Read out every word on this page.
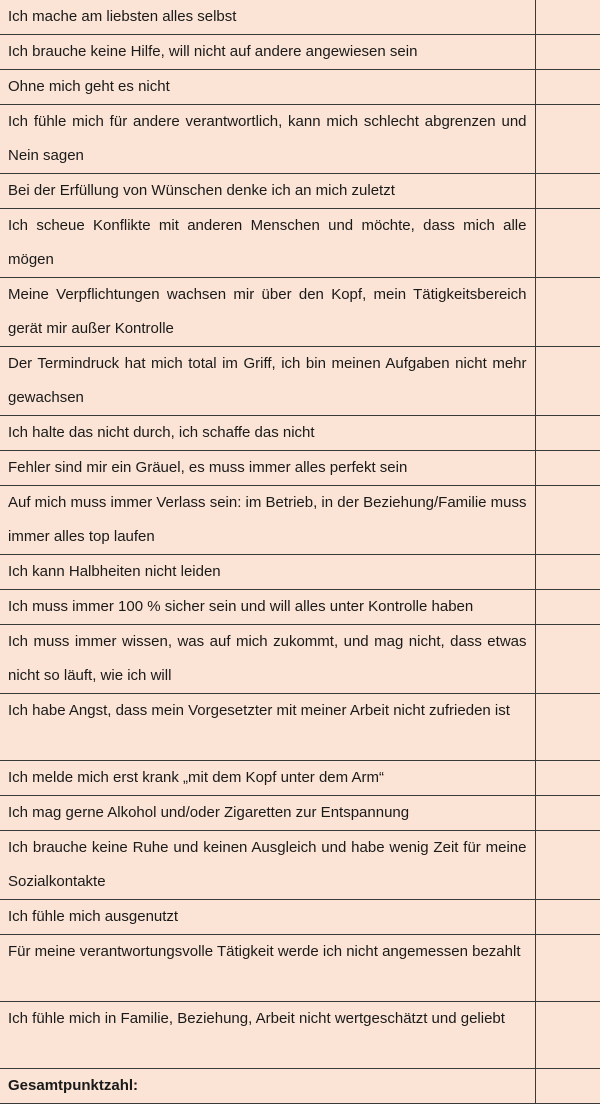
Ich mache am liebsten alles selbst	
Ich brauche keine Hilfe, will nicht auf andere angewiesen sein	
Ohne mich geht es nicht	
Ich fühle mich für andere verantwortlich, kann mich schlecht abgrenzen und Nein sagen	
Bei der Erfüllung von Wünschen denke ich an mich zuletzt	
Ich scheue Konflikte mit anderen Menschen und möchte, dass mich alle mögen	
Meine Verpflichtungen wachsen mir über den Kopf, mein Tätigkeitsbereich gerät mir außer Kontrolle	
Der Termindruck hat mich total im Griff, ich bin meinen Aufgaben nicht mehr gewachsen	
Ich halte das nicht durch, ich schaffe das nicht	
Fehler sind mir ein Gräuel, es muss immer alles perfekt sein	
Auf mich muss immer Verlass sein: im Betrieb, in der Beziehung/Familie muss immer alles top laufen	
Ich kann Halbheiten nicht leiden	
Ich muss immer 100 % sicher sein und will alles unter Kontrolle haben	
Ich muss immer wissen, was auf mich zukommt, und mag nicht, dass etwas nicht so läuft, wie ich will	
Ich habe Angst, dass mein Vorgesetzter mit meiner Arbeit nicht zufrieden ist	
Ich melde mich erst krank „mit dem Kopf unter dem Arm“	
Ich mag gerne Alkohol und/oder Zigaretten zur Entspannung	
Ich brauche keine Ruhe und keinen Ausgleich und habe wenig Zeit für meine Sozialkontakte	
Ich fühle mich ausgenutzt	
Für meine verantwortungsvolle Tätigkeit werde ich nicht angemessen bezahlt	
Ich fühle mich in Familie, Beziehung, Arbeit nicht wertgeschätzt und geliebt	
Gesamtpunktzahl:	
